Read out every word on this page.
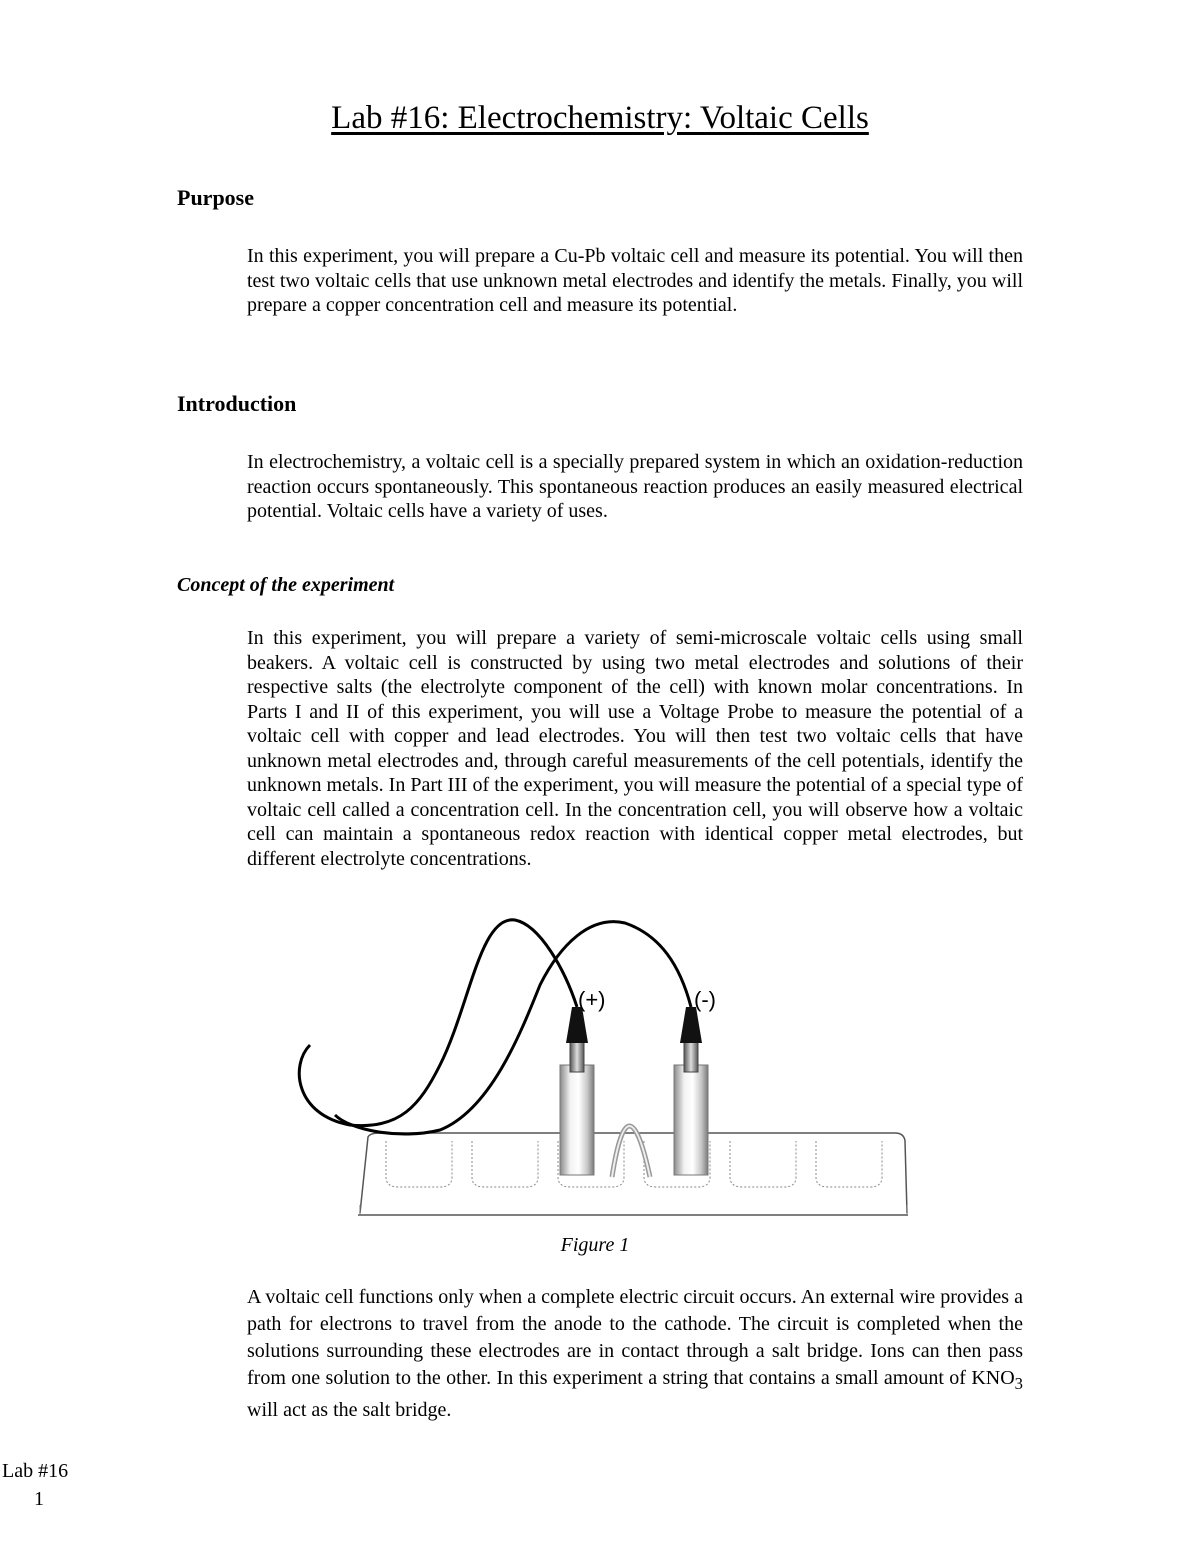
Lab #16: Electrochemistry: Voltaic Cells
Purpose
In this experiment, you will prepare a Cu-Pb voltaic cell and measure its potential. You will then test two voltaic cells that use unknown metal electrodes and identify the metals. Finally, you will prepare a copper concentration cell and measure its potential.
Introduction
In electrochemistry, a voltaic cell is a specially prepared system in which an oxidation-reduction reaction occurs spontaneously. This spontaneous reaction produces an easily measured electrical potential. Voltaic cells have a variety of uses.
Concept of the experiment
In this experiment, you will prepare a variety of semi-microscale voltaic cells using small beakers. A voltaic cell is constructed by using two metal electrodes and solutions of their respective salts (the electrolyte component of the cell) with known molar concentrations. In Parts I and II of this experiment, you will use a Voltage Probe to measure the potential of a voltaic cell with copper and lead electrodes. You will then test two voltaic cells that have unknown metal electrodes and, through careful measurements of the cell potentials, identify the unknown metals. In Part III of the experiment, you will measure the potential of a special type of voltaic cell called a concentration cell. In the concentration cell, you will observe how a voltaic cell can maintain a spontaneous redox reaction with identical copper metal electrodes, but different electrolyte concentrations.
(+)	(-)
Figure 1
A voltaic cell functions only when a complete electric circuit occurs. An external wire provides a path for electrons to travel from the anode to the cathode. The circuit is completed when the solutions surrounding these electrodes are in contact through a salt bridge. Ions can then pass from one solution to the other. In this experiment a string that contains a small amount of $KNO_3$ will act as the salt bridge.
Lab #16
1
